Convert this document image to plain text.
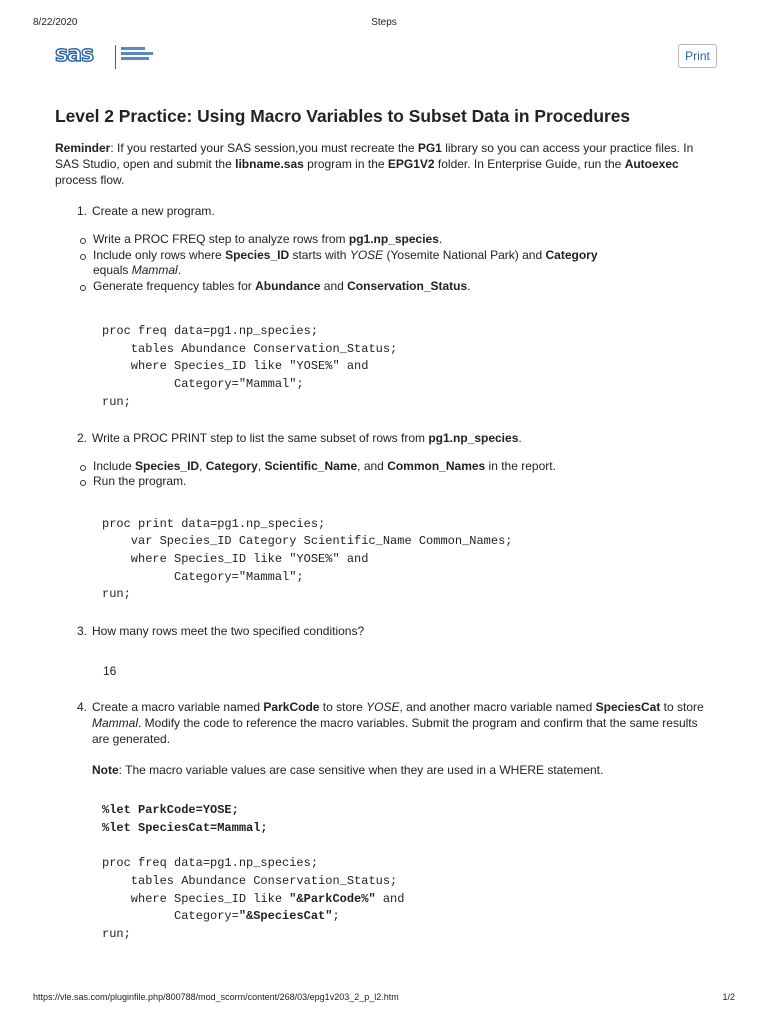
8/22/2020	Steps
sas	Print
Level 2 Practice: Using Macro Variables to Subset Data in Procedures

Reminder: If you restarted your SAS session,you must recreate the PG1 library so you can access your practice files. In SAS Studio, open and submit the libname.sas program in the EPG1V2 folder. In Enterprise Guide, run the Autoexec process flow.

1. Create a new program.
Write a PROC FREQ step to analyze rows from pg1.np_species.
Include only rows where Species_ID starts with YOSE (Yosemite National Park) and Category
equals Mammal.
Generate frequency tables for Abundance and Conservation_Status.
proc freq data=pg1.np_species;
tables Abundance Conservation_Status;
where Species_ID like "YOSE%" and
Category="Mammal";
run;
2. Write a PROC PRINT step to list the same subset of rows from pg1.np_species.
Include Species_ID, Category, Scientific_Name, and Common_Names in the report.
Run the program.
proc print data=pg1.np_species;
var Species_ID Category Scientific_Name Common_Names;
where Species_ID like "YOSE%" and
Category="Mammal";
run;
3. How many rows meet the two specified conditions?
16
4. Create a macro variable named ParkCode to store YOSE, and another macro variable named SpeciesCat to store Mammal. Modify the code to reference the macro variables. Submit the program and confirm that the same results are generated.

Note: The macro variable values are case sensitive when they are used in a WHERE statement.

%let ParkCode=YOSE;
%let SpeciesCat=Mammal;

proc freq data=pg1.np_species;
tables Abundance Conservation_Status;
where Species_ID like "&ParkCode%" and
Category="&SpeciesCat";
run;
https://vle.sas.com/pluginfile.php/800788/mod_scorm/content/268/03/epg1v203_2_p_l2.htm	1/2
